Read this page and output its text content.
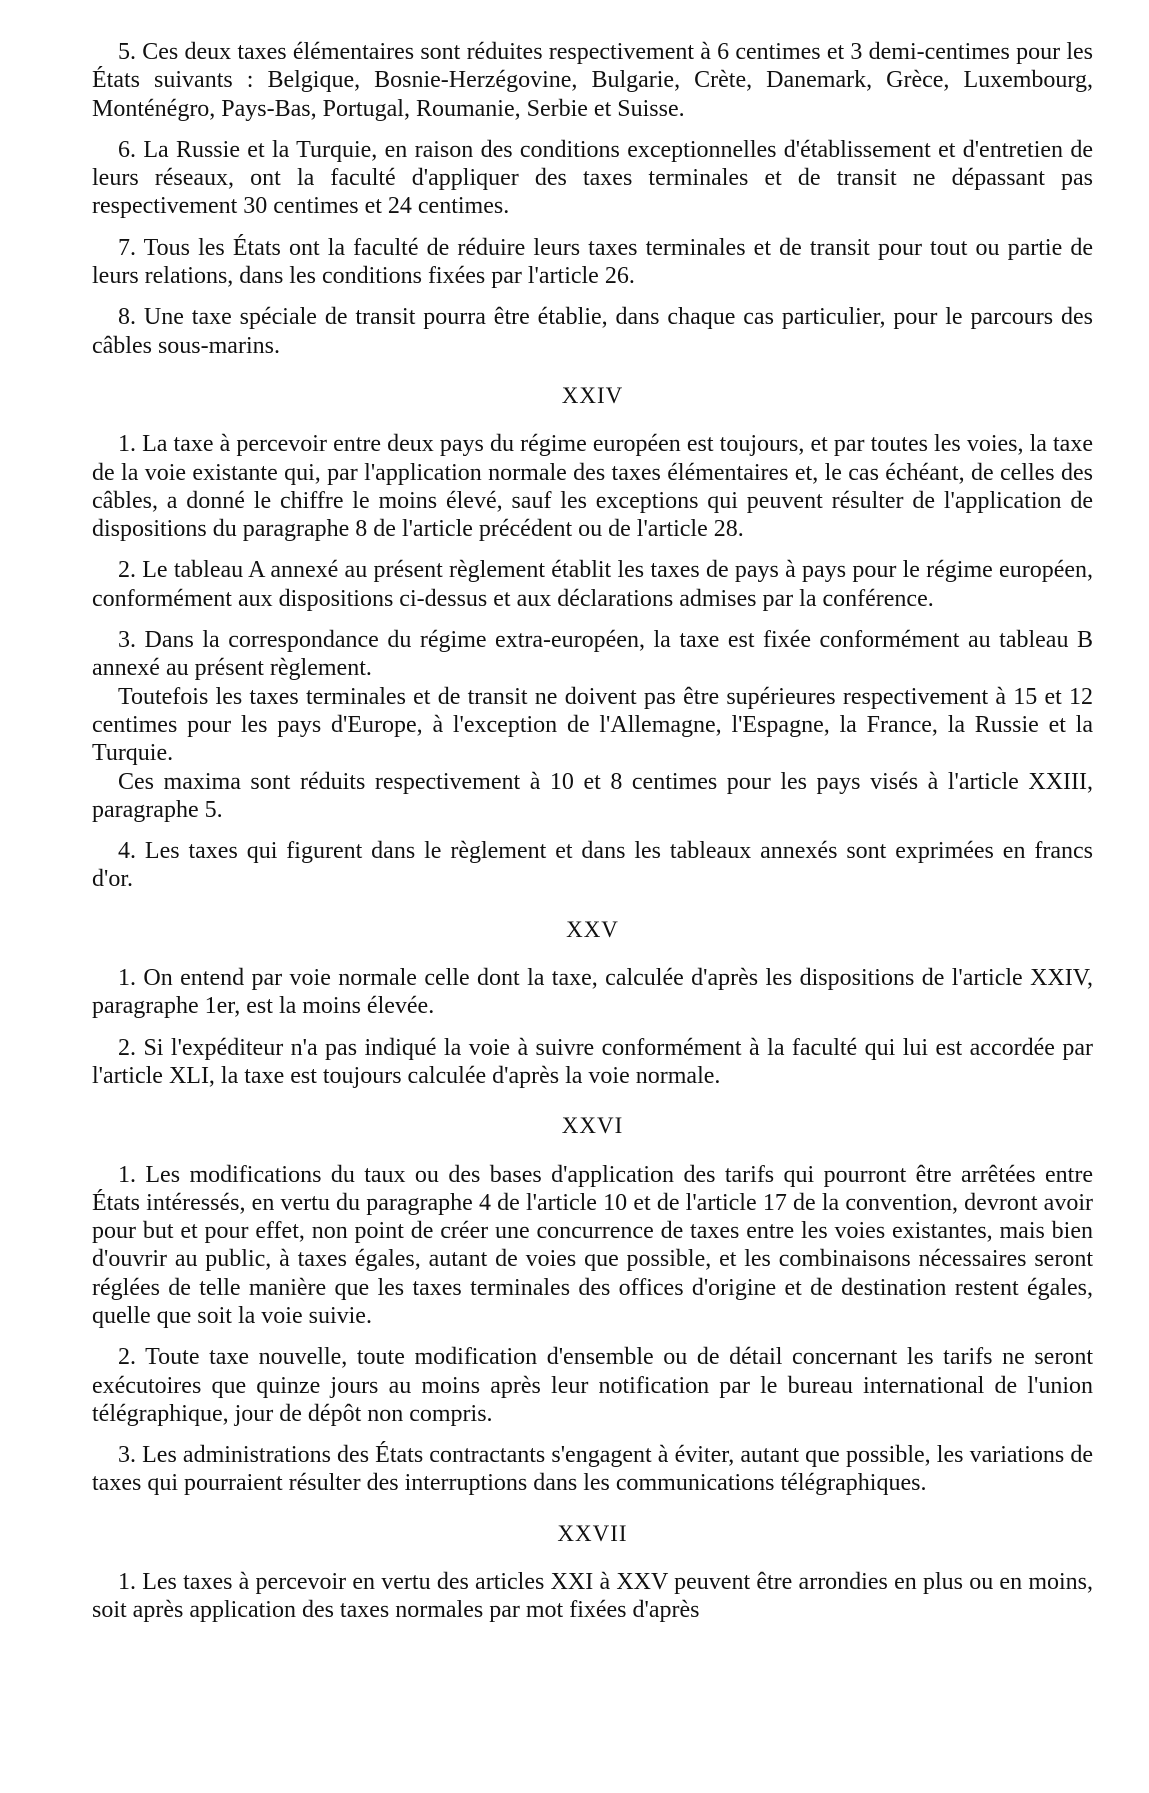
5. Ces deux taxes élémentaires sont réduites respectivement à 6 centimes et 3 demi-centimes pour les États suivants : Belgique, Bosnie-Herzégovine, Bulgarie, Crète, Danemark, Grèce, Luxembourg, Monténégro, Pays-Bas, Portugal, Roumanie, Serbie et Suisse.

6. La Russie et la Turquie, en raison des conditions exceptionnelles d'établissement et d'entretien de leurs réseaux, ont la faculté d'appliquer des taxes terminales et de transit ne dépassant pas respectivement 30 centimes et 24 centimes.

7. Tous les États ont la faculté de réduire leurs taxes terminales et de transit pour tout ou partie de leurs relations, dans les conditions fixées par l'article 26.

8. Une taxe spéciale de transit pourra être établie, dans chaque cas particulier, pour le parcours des câbles sous-marins.

XXIV

1. La taxe à percevoir entre deux pays du régime européen est toujours, et par toutes les voies, la taxe de la voie existante qui, par l'application normale des taxes élémentaires et, le cas échéant, de celles des câbles, a donné le chiffre le moins élevé, sauf les exceptions qui peuvent résulter de l'application de dispositions du paragraphe 8 de l'article précédent ou de l'article 28.

2. Le tableau A annexé au présent règlement établit les taxes de pays à pays pour le régime européen, conformément aux dispositions ci-dessus et aux déclarations admises par la conférence.

3. Dans la correspondance du régime extra-européen, la taxe est fixée conformément au tableau B annexé au présent règlement.

Toutefois les taxes terminales et de transit ne doivent pas être supérieures respectivement à 15 et 12 centimes pour les pays d'Europe, à l'exception de l'Allemagne, l'Espagne, la France, la Russie et la Turquie.

Ces maxima sont réduits respectivement à 10 et 8 centimes pour les pays visés à l'article XXIII, paragraphe 5.

4. Les taxes qui figurent dans le règlement et dans les tableaux annexés sont exprimées en francs d'or.

XXV

1. On entend par voie normale celle dont la taxe, calculée d'après les dispositions de l'article XXIV, paragraphe 1er, est la moins élevée.

2. Si l'expéditeur n'a pas indiqué la voie à suivre conformément à la faculté qui lui est accordée par l'article XLI, la taxe est toujours calculée d'après la voie normale.

XXVI

1. Les modifications du taux ou des bases d'application des tarifs qui pourront être arrêtées entre États intéressés, en vertu du paragraphe 4 de l'article 10 et de l'article 17 de la convention, devront avoir pour but et pour effet, non point de créer une concurrence de taxes entre les voies existantes, mais bien d'ouvrir au public, à taxes égales, autant de voies que possible, et les combinaisons nécessaires seront réglées de telle manière que les taxes terminales des offices d'origine et de destination restent égales, quelle que soit la voie suivie.

2. Toute taxe nouvelle, toute modification d'ensemble ou de détail concernant les tarifs ne seront exécutoires que quinze jours au moins après leur notification par le bureau international de l'union télégraphique, jour de dépôt non compris.

3. Les administrations des États contractants s'engagent à éviter, autant que possible, les variations de taxes qui pourraient résulter des interruptions dans les communications télégraphiques.

XXVII

1. Les taxes à percevoir en vertu des articles XXI à XXV peuvent être arrondies en plus ou en moins, soit après application des taxes normales par mot fixées d'après
